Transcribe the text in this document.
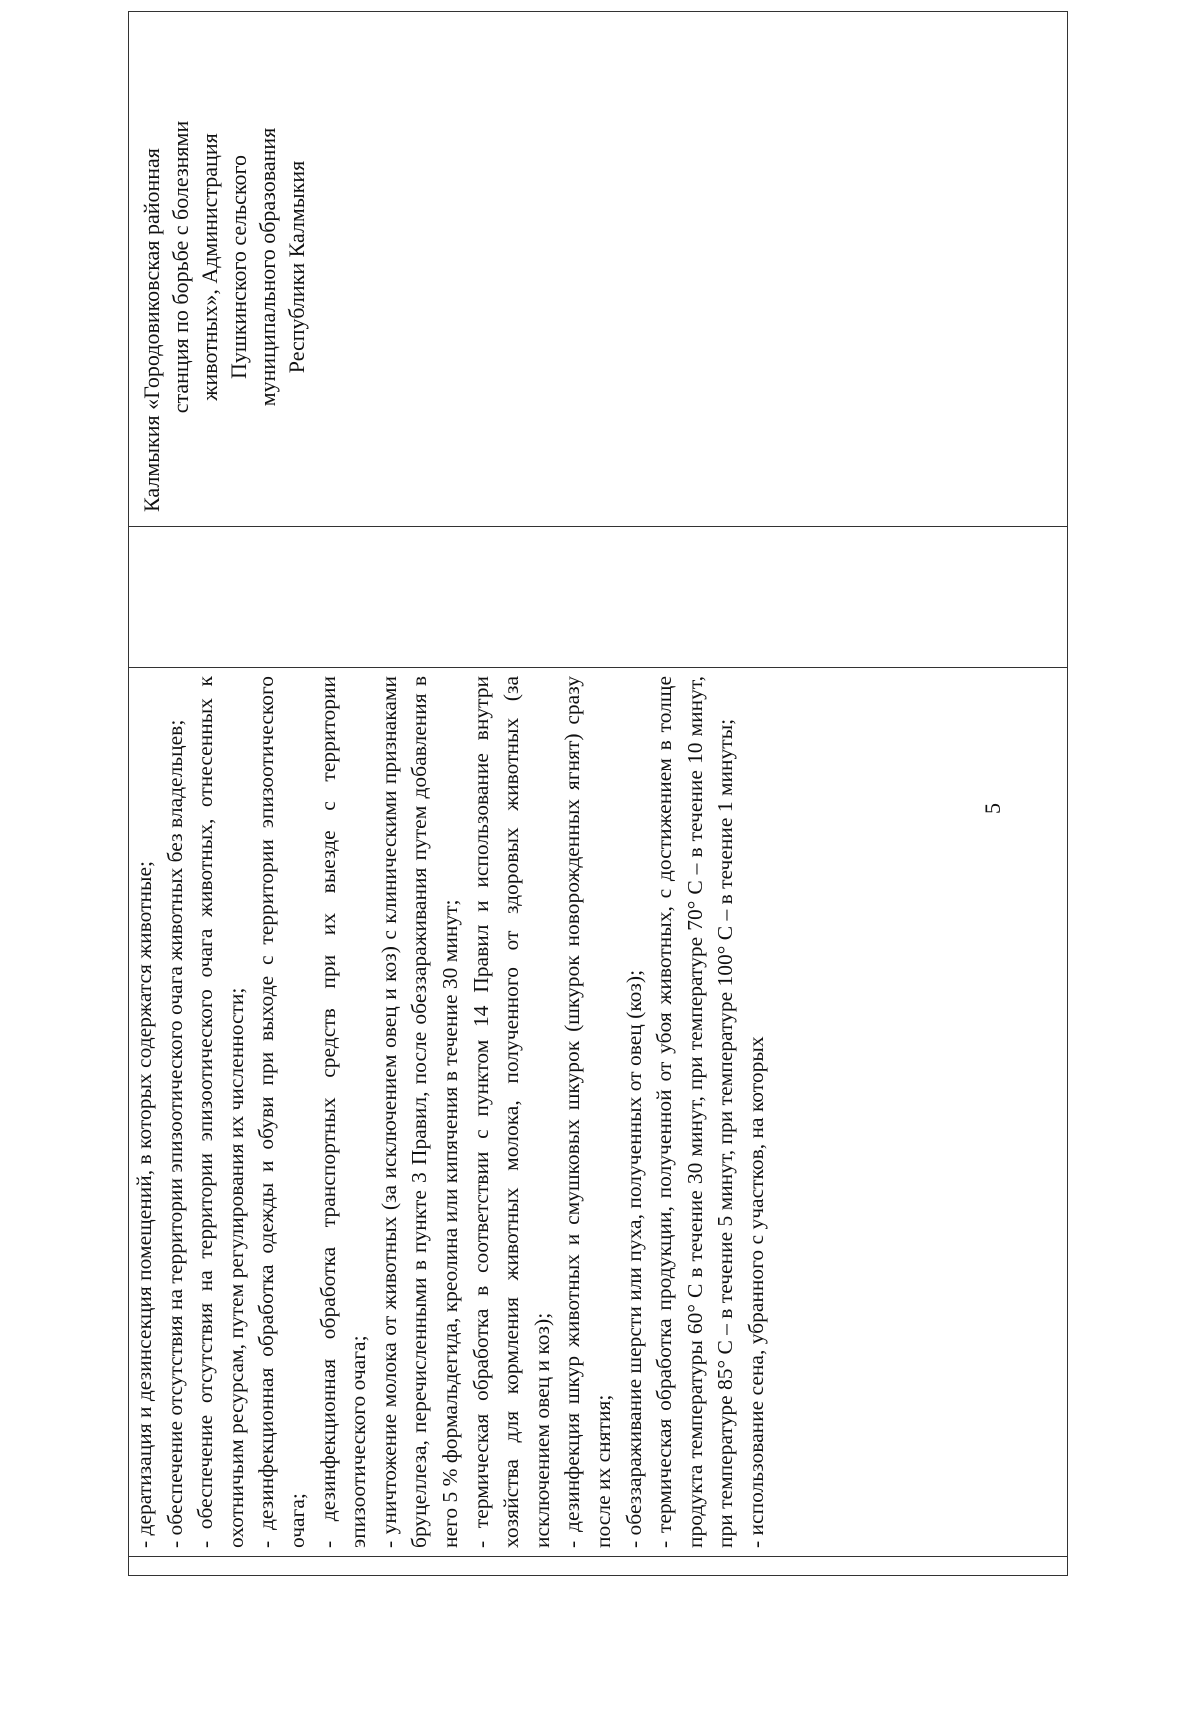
- дератизация и дезинсекция помещений, в которых содержатся животные; - обеспечение отсутствия на территории эпизоотического очага животных без владельцев; - обеспечение отсутствия на территории эпизоотического очага животных, отнесенных к охотничьим ресурсам, путем регулирования их численности; - дезинфекционная обработка одежды и обуви при выходе с территории эпизоотического очага; - дезинфекционная обработка транспортных средств при их выезде с территории эпизоотического очага; - уничтожение молока от животных (за исключением овец и коз) с клиническими признаками бруцеллеза, перечисленными в пункте 3 Правил, после обеззараживания путем добавления в него 5 % формальдегида, креолина или кипячения в течение 30 минут; - термическая обработка в соответствии с пунктом 14 Правил и использование внутри хозяйства для кормления животных молока, полученного от здоровых животных (за исключением овец и коз); - дезинфекция шкур животных и смушковых шкурок (шкурок новорожденных ягнят) сразу после их снятия; - обеззараживание шерсти или пуха, полученных от овец (коз); - термическая обработка продукции, полученной от убоя животных, с достижением в толще продукта температуры 60° С в течение 30 минут, при температуре 70° С – в течение 10 минут, при температуре 85° С – в течение 5 минут, при температуре 100° С – в течение 1 минуты; - использование сена, убранного с участков, на которых

Калмыкия «Городовиковская районная станция по борьбе с болезнями животных», Администрация Пушкинского сельского муниципального образования Республики Калмыкия
5
